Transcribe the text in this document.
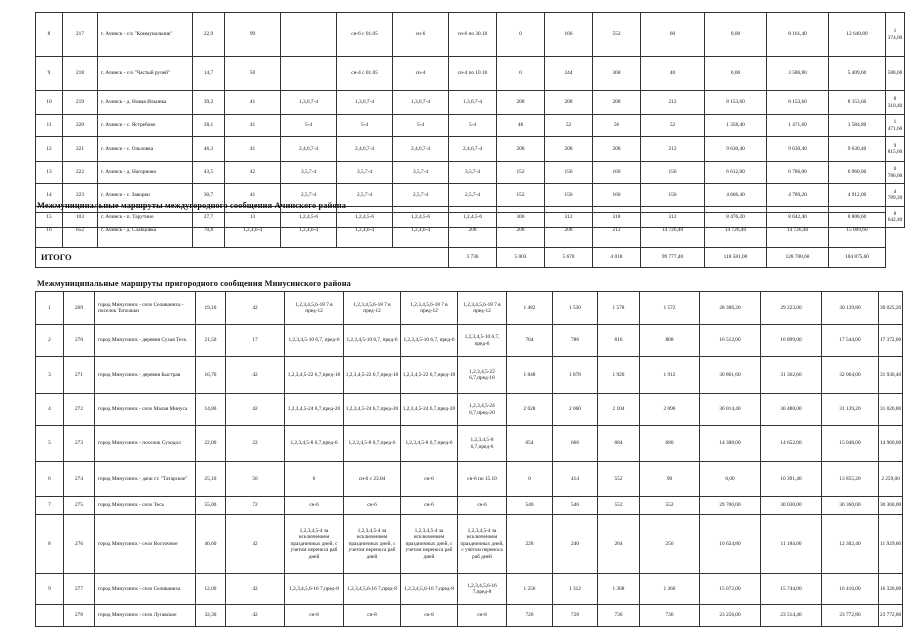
8	217	г. Ачинск - с/о "Коммунальник"	22,9	99		сн-6 с 01.05	сн-6	сн-6 по 30.10	0	166	552	60	0,00	8 161,40	12 640,80	1 374,00
9	218	г. Ачинск - с/о "Частый ручей"	14,7	50		сн-4 с 01.05	сн-4	сн-4 по 10.10	0	244	368	40	0,00	3 586,80	5 409,60	588,00
10	219	г. Ачинск - д. Новая Ильинка	39,2	41	1,3,6,7-4	1,3,6,7-4	1,3,6,7-4	1,3,6,7-4	208	208	208	212	8 153,60	8 153,60	8 153,60	8 310,40
11	220	г. Ачинск - с. Ястребово	28,1	41	5-4	5-4	5-4	5-4	48	52	56	52	1 358,40	1 471,60	1 584,80	1 471,60
12	221	г. Ачинск - с. Ольховка	46,3	41	2,4,6,7-4	2,4,6,7-4	2,4,6,7-4	2,4,6,7-4	208	208	208	212	9 630,40	9 630,40	9 630,40	9 815,60
13	222	г. Ачинск - д. Нагорново	43,5	42	3,5,7-4	3,5,7-4	3,5,7-4	3,5,7-4	152	156	160	156	6 612,00	6 786,00	6 960,00	6 786,00
14	223	г. Ачинск - с. Заворки	30,7	41	2,5,7-4	2,5,7-4	2,5,7-4	2,5,7-4	152	156	160	156	4 666,40	4 789,20	4 912,00	4 789,20
15	103	г. Ачинск - п. Тарутино	27,7	13	1,2,4,5-6	1,2,4,5-6	1,2,4,5-6	1,2,4,5-6	306	312	318	312	8 476,20	8 642,40	8 808,60	8 642,40
Межмуниципальные маршруты междугородного сообщения Ачинского района
16	652	г. Ачинск - д. Слабцовка	70,8	1,2,4,6-4	1,2,4,6-4	1,2,4,6-4	1,2,4,6-4	208	208	208	212	14 726,40	14 726,40	14 726,40	15 009,60
ИТОГО								3 736	5 003	5 670	4 018	99 777,40	118 581,00	128 708,60	104 875,60
Межмуниципальные маршруты пригородного сообщения Минусинского района
1	269	город Минусинск - село Селиваниха - поселок Топольки	19,10	42	1,2,3,4,5,6-18 7 в пред-12	1,2,3,4,5,6-18 7 в пред-12	1,2,3,4,5,6-18 7 в пред-12	1,2,3,4,5,6-18 7 в пред-12	1 482	1 530	1 578	1 572	28 306,20	29 223,00	30 139,80	30 025,20
2	270	город Минусинск - деревня Сухая Тесь	21,50	17	1,2,3,4,5-10 6,7, пред-6	1,2,3,4,5-10 6,7, пред-6	1,2,3,4,5-10 6,7, пред-6	1,2,3,4,5-10 6,7, пред-6	764	786	816	808	16 512,00	16 899,00	17 544,00	17 372,00
3	271	город Минусинск - деревня Быстрая	16,70	42	1,2,3,4,5-22 6,7,пред-18	1,2,3,4,5-22 6,7,пред-18	1,2,3,4,5-22 6,7,пред-18	1,2,3,4,5-22 6,7,пред-18	1 848	1 878	1 920	1 912	30 861,60	31 362,60	32 064,00	31 930,40
4	272	город Минусинск - село Малая Минуса	14,80	42	1,2,3,4,5-24 6,7,пред-20	1,2,3,4,5-24 6,7,пред-20	1,2,3,4,5-24 6,7,пред-20	1,2,3,4,5-24 6,7,пред-20	2 028	2 060	2 104	2 096	30 014,40	30 488,00	31 139,20	31 020,80
5	273	город Минусинск - поселок Суходол	22,00	22	1,2,3,4,5-8 6,7,пред-6	1,2,3,4,5-8 6,7,пред-6	1,2,3,4,5-8 6,7,пред-6	1,2,3,4,5-8 6,7,пред-6	654	666	684	680	14 388,00	14 652,00	15 048,00	14 960,00
6	274	город Минусинск - дачи ст. "Татарское"	25,10	50	0	сн-6 с 23.04	сн-6	сн-6 по 15.10	0	414	552	90	0,00	10 391,40	13 855,20	2 259,00
7	275	город Минусинск - село Тесь	55,00	72	сн-6	сн-6	сн-6	сн-6	540	546	552	552	29 700,00	30 030,00	30 360,00	30 360,00
8	276	город Минусинск - село Восточное	46,60	42	1,2,3,4,5-4 за исключением праздничных дней, с учетом переноса раб дней	1,2,3,4,5-4 за исключением праздничных дней, с учетом переноса раб дней	1,2,3,4,5-4 за исключением праздничных дней, с учетом переноса раб дней	1,2,3,4,5-4 за исключением праздничных дней, с учетом переноса раб дней	228	240	264	256	10 624,80	11 184,00	12 302,40	11 929,60
9	277	город Минусинск - село Селиваниха	12,00	42	1,2,3,4,5,6-16 7,пред-8	1,2,3,4,5,6-16 7,пред-8	1,2,3,4,5,6-16 7,пред-8	1,2,3,4,5,6-16 7,пред-8	1 256	1 312	1 368	1 360	15 072,00	15 744,00	16 416,00	16 320,00
	278	город Минусинск - село Лугавское	32,30	42	сн-8	сн-8	сн-8	сн-8	720	728	736	736	23 256,00	23 514,40	23 772,80	23 772,80
